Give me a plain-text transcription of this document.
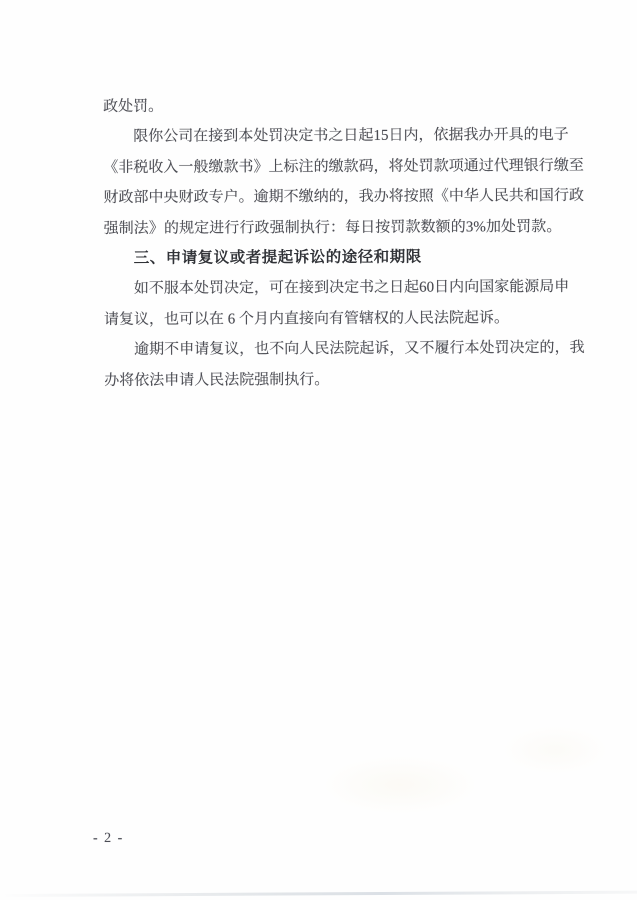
政处罚。
限 你 公 司 在 接 到 本 处 罚 决 定 书 之 日 起 15 日 内 ， 依 据 我 办 开 具 的 电 子
《 非 税 收 入 一 般 缴 款 书 》 上 标 注 的 缴 款 码 ， 将 处 罚 款 项 通 过 代 理 银 行 缴 至
财 政 部 中 央 财 政 专 户 。 逾 期 不 缴 纳 的 ， 我 办 将 按 照 《 中 华 人 民 共 和 国 行 政
强 制 法 》 的 规 定 进 行 行 政 强 制 执 行 ： 每 日 按 罚 款 数 额 的 3% 加 处 罚 款 。
三、申请复议或者提起诉讼的途径和期限
如 不 服 本 处 罚 决 定 ， 可 在 接 到 决 定 书 之 日 起 60 日 内 向 国 家 能 源 局 申
请复议，也可以在 6 个月内直接向有管辖权的人民法院起诉。
逾 期 不 申 请 复 议 ， 也 不 向 人 民 法 院 起 诉 ， 又 不 履 行 本 处 罚 决 定 的 ， 我
办将依法申请人民法院强制执行。
- 2 -
